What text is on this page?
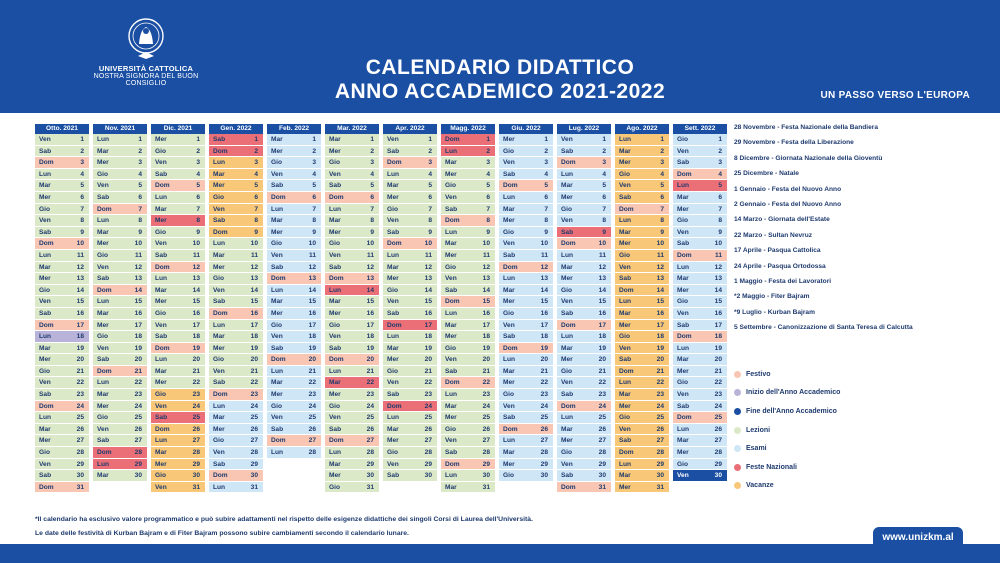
UNIVERSITÀ CATTOLICA
NOSTRA SIGNORA DEL BUON CONSIGLIO
CALENDARIO DIDATTICO
ANNO ACCADEMICO 2021-2022	UN PASSO VERSO L'EUROPA
Otto. 2021
Ven	1
Sab	2
Dom	3
Lun	4
Mar	5
Mer	6
Gio	7
Ven	8
Sab	9
Dom	10
Lun	11
Mar	12
Mer	13
Gio	14
Ven	15
Sab	16
Dom	17
Lun	18
Mar	19
Mer	20
Gio	21
Ven	22
Sab	23
Dom	24
Lun	25
Mar	26
Mer	27
Gio	28
Ven	29
Sab	30
Dom	31
Nov. 2021
Lun	1
Mar	2
Mer	3
Gio	4
Ven	5
Sab	6
Dom	7
Lun	8
Mar	9
Mer	10
Gio	11
Ven	12
Sab	13
Dom	14
Lun	15
Mar	16
Mer	17
Gio	18
Ven	19
Sab	20
Dom	21
Lun	22
Mar	23
Mer	24
Gio	25
Ven	26
Sab	27
Dom	28
Lun	29
Mar	30
Dic. 2021
Mer	1
Gio	2
Ven	3
Sab	4
Dom	5
Lun	6
Mar	7
Mer	8
Gio	9
Ven	10
Sab	11
Dom	12
Lun	13
Mar	14
Mer	15
Gio	16
Ven	17
Sab	18
Dom	19
Lun	20
Mar	21
Mer	22
Gio	23
Ven	24
Sab	25
Dom	26
Lun	27
Mar	28
Mer	29
Gio	30
Ven	31
Gen. 2022
Sab	1
Dom	2
Lun	3
Mar	4
Mer	5
Gio	6
Ven	7
Sab	8
Dom	9
Lun	10
Mar	11
Mer	12
Gio	13
Ven	14
Sab	15
Dom	16
Lun	17
Mar	18
Mer	19
Gio	20
Ven	21
Sab	22
Dom	23
Lun	24
Mar	25
Mer	26
Gio	27
Ven	28
Sab	29
Dom	30
Lun	31
Feb. 2022
Mar	1
Mer	2
Gio	3
Ven	4
Sab	5
Dom	6
Lun	7
Mar	8
Mer	9
Gio	10
Ven	11
Sab	12
Dom	13
Lun	14
Mar	15
Mer	16
Gio	17
Ven	18
Sab	19
Dom	20
Lun	21
Mar	22
Mer	23
Gio	24
Ven	25
Sab	26
Dom	27
Lun	28
Mar. 2022
Mar	1
Mer	2
Gio	3
Ven	4
Sab	5
Dom	6
Lun	7
Mar	8
Mer	9
Gio	10
Ven	11
Sab	12
Dom	13
Lun	14
Mar	15
Mer	16
Gio	17
Ven	18
Sab	19
Dom	20
Lun	21
Mar	22
Mer	23
Gio	24
Ven	25
Sab	26
Dom	27
Lun	28
Mar	29
Mer	30
Gio	31
Apr. 2022
Ven	1
Sab	2
Dom	3
Lun	4
Mar	5
Mer	6
Gio	7
Ven	8
Sab	9
Dom	10
Lun	11
Mar	12
Mer	13
Gio	14
Ven	15
Sab	16
Dom	17
Lun	18
Mar	19
Mer	20
Gio	21
Ven	22
Sab	23
Dom	24
Lun	25
Mar	26
Mer	27
Gio	28
Ven	29
Sab	30
Magg. 2022
Dom	1
Lun	2
Mar	3
Mer	4
Gio	5
Ven	6
Sab	7
Dom	8
Lun	9
Mar	10
Mer	11
Gio	12
Ven	13
Sab	14
Dom	15
Lun	16
Mar	17
Mer	18
Gio	19
Ven	20
Sab	21
Dom	22
Lun	23
Mar	24
Mer	25
Gio	26
Ven	27
Sab	28
Dom	29
Lun	30
Mar	31
Giu. 2022
Mer	1
Gio	2
Ven	3
Sab	4
Dom	5
Lun	6
Mar	7
Mer	8
Gio	9
Ven	10
Sab	11
Dom	12
Lun	13
Mar	14
Mer	15
Gio	16
Ven	17
Sab	18
Dom	19
Lun	20
Mar	21
Mer	22
Gio	23
Ven	24
Sab	25
Dom	26
Lun	27
Mar	28
Mer	29
Gio	30
Lug. 2022
Ven	1
Sab	2
Dom	3
Lun	4
Mar	5
Mer	6
Gio	7
Ven	8
Sab	9
Dom	10
Lun	11
Mar	12
Mer	13
Gio	14
Ven	15
Sab	16
Dom	17
Lun	18
Mar	19
Mer	20
Gio	21
Ven	22
Sab	23
Dom	24
Lun	25
Mar	26
Mer	27
Gio	28
Ven	29
Sab	30
Dom	31
Ago. 2022
Lun	1
Mar	2
Mer	3
Gio	4
Ven	5
Sab	6
Dom	7
Lun	8
Mar	9
Mer	10
Gio	11
Ven	12
Sab	13
Dom	14
Lun	15
Mar	16
Mer	17
Gio	18
Ven	19
Sab	20
Dom	21
Lun	22
Mar	23
Mer	24
Gio	25
Ven	26
Sab	27
Dom	28
Lun	29
Mar	30
Mer	31
Sett. 2022
Gio	1
Ven	2
Sab	3
Dom	4
Lun	5
Mar	6
Mer	7
Gio	8
Ven	9
Sab	10
Dom	11
Lun	12
Mar	13
Mer	14
Gio	15
Ven	16
Sab	17
Dom	18
Lun	19
Mar	20
Mer	21
Gio	22
Ven	23
Sab	24
Dom	25
Lun	26
Mar	27
Mer	28
Gio	29
Ven	30
28 Novembre - Festa Nazionale della Bandiera
29 Novembre - Festa della Liberazione
8 Dicembre - Giornata Nazionale della Gioventù
25 Dicembre - Natale
1 Gennaio - Festa del Nuovo Anno
2 Gennaio - Festa del Nuovo Anno
14 Marzo - Giornata dell'Estate
22 Marzo - Sultan Nevruz
17 Aprile - Pasqua Cattolica
24 Aprile - Pasqua Ortodossa
1 Maggio - Festa dei Lavoratori
*2 Maggio - Fiter Bajram
*9 Luglio - Kurban Bajram
5 Settembre - Canonizzazione di Santa Teresa di Calcutta
Festivo
Inizio dell'Anno Accademico
Fine dell'Anno Accademico
Lezioni
Esami
Feste Nazionali
Vacanze
*Il calendario ha esclusivo valore programmatico e può subire adattamenti nel rispetto delle esigenze didattiche dei singoli Corsi di Laurea dell'Università.
Le date delle festività di Kurban Bajram e di Fiter Bajram possono subire cambiamenti secondo il calendario lunare.	www.unizkm.al
